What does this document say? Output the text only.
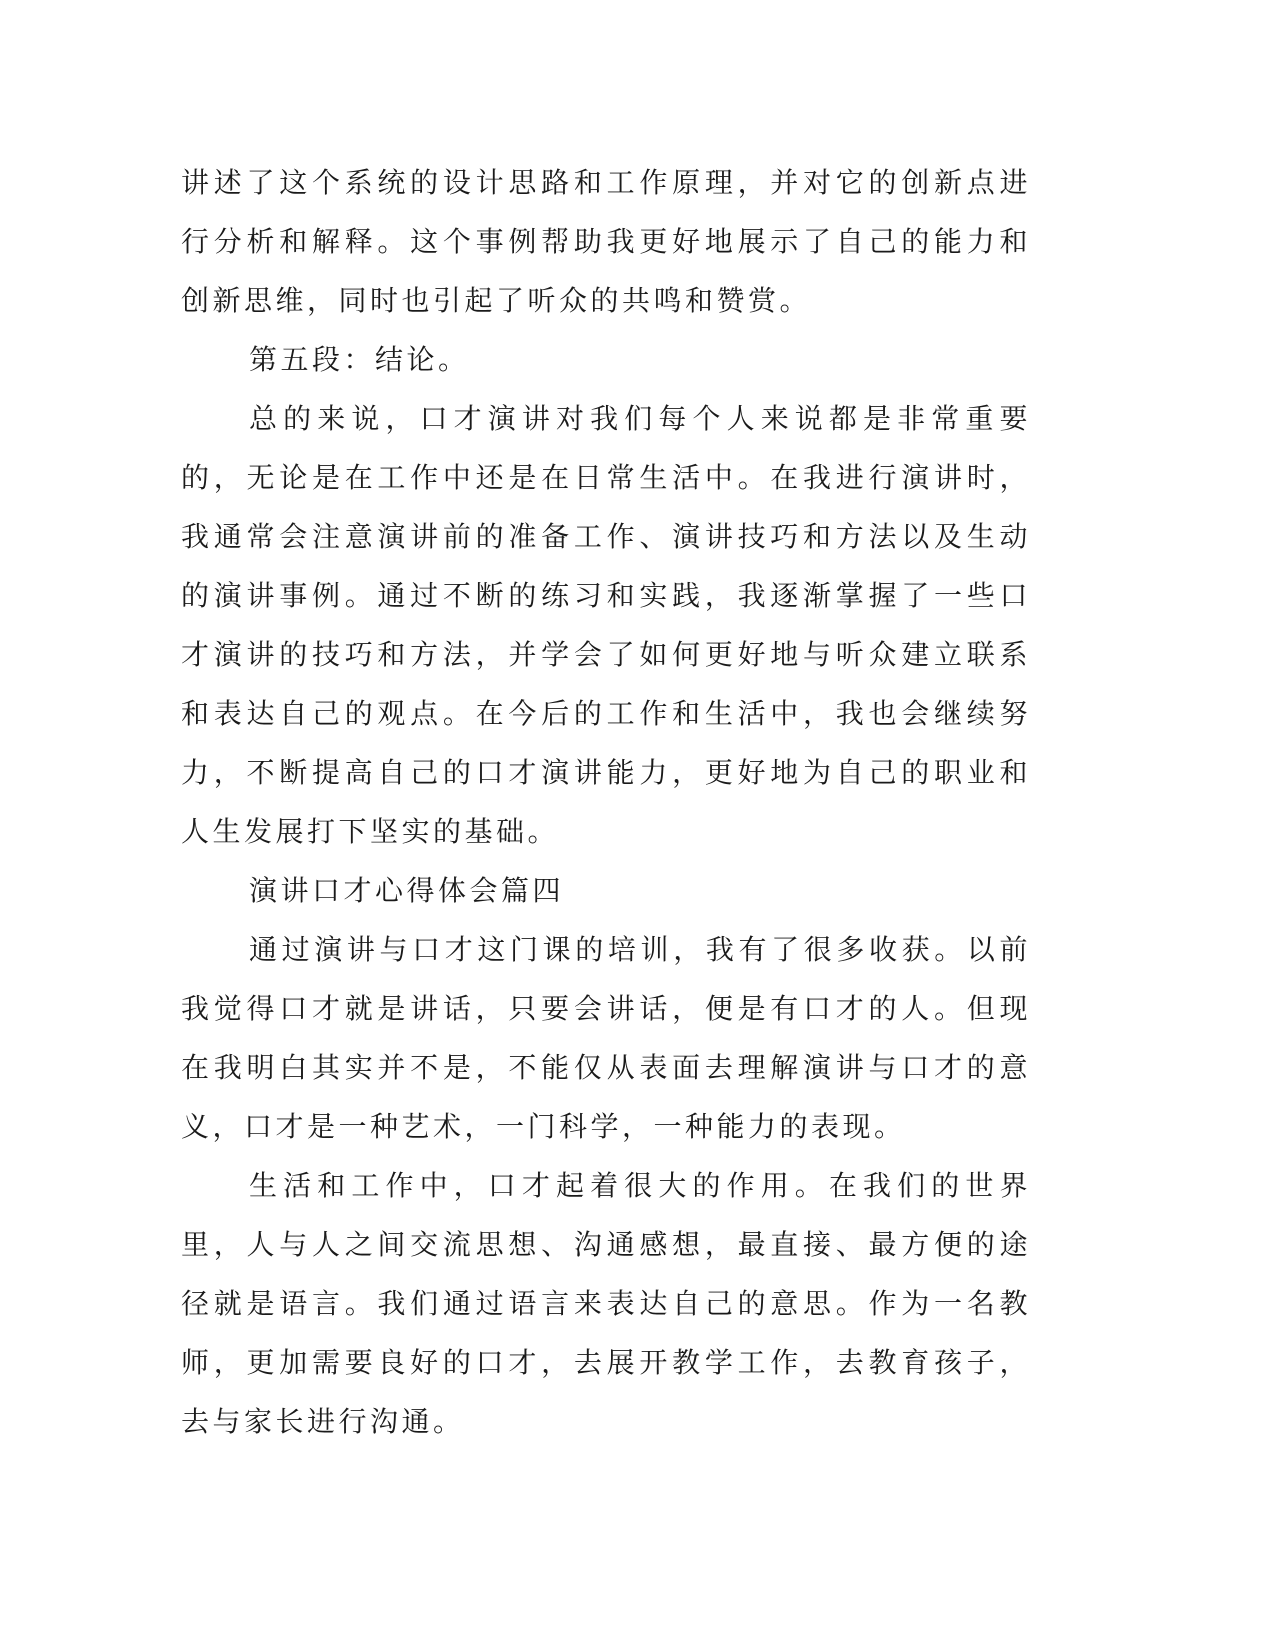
讲述了这个系统的设计思路和工作原理，并对它的创新点进行分析和解释。这个事例帮助我更好地展示了自己的能力和创新思维，同时也引起了听众的共鸣和赞赏。

第五段：结论。

总的来说，口才演讲对我们每个人来说都是非常重要的，无论是在工作中还是在日常生活中。在我进行演讲时，我通常会注意演讲前的准备工作、演讲技巧和方法以及生动的演讲事例。通过不断的练习和实践，我逐渐掌握了一些口才演讲的技巧和方法，并学会了如何更好地与听众建立联系和表达自己的观点。在今后的工作和生活中，我也会继续努力，不断提高自己的口才演讲能力，更好地为自己的职业和人生发展打下坚实的基础。

演讲口才心得体会篇四

通过演讲与口才这门课的培训，我有了很多收获。以前我觉得口才就是讲话，只要会讲话，便是有口才的人。但现在我明白其实并不是，不能仅从表面去理解演讲与口才的意义，口才是一种艺术，一门科学，一种能力的表现。

生活和工作中，口才起着很大的作用。在我们的世界里，人与人之间交流思想、沟通感想，最直接、最方便的途径就是语言。我们通过语言来表达自己的意思。作为一名教师，更加需要良好的口才，去展开教学工作，去教育孩子，去与家长进行沟通。
